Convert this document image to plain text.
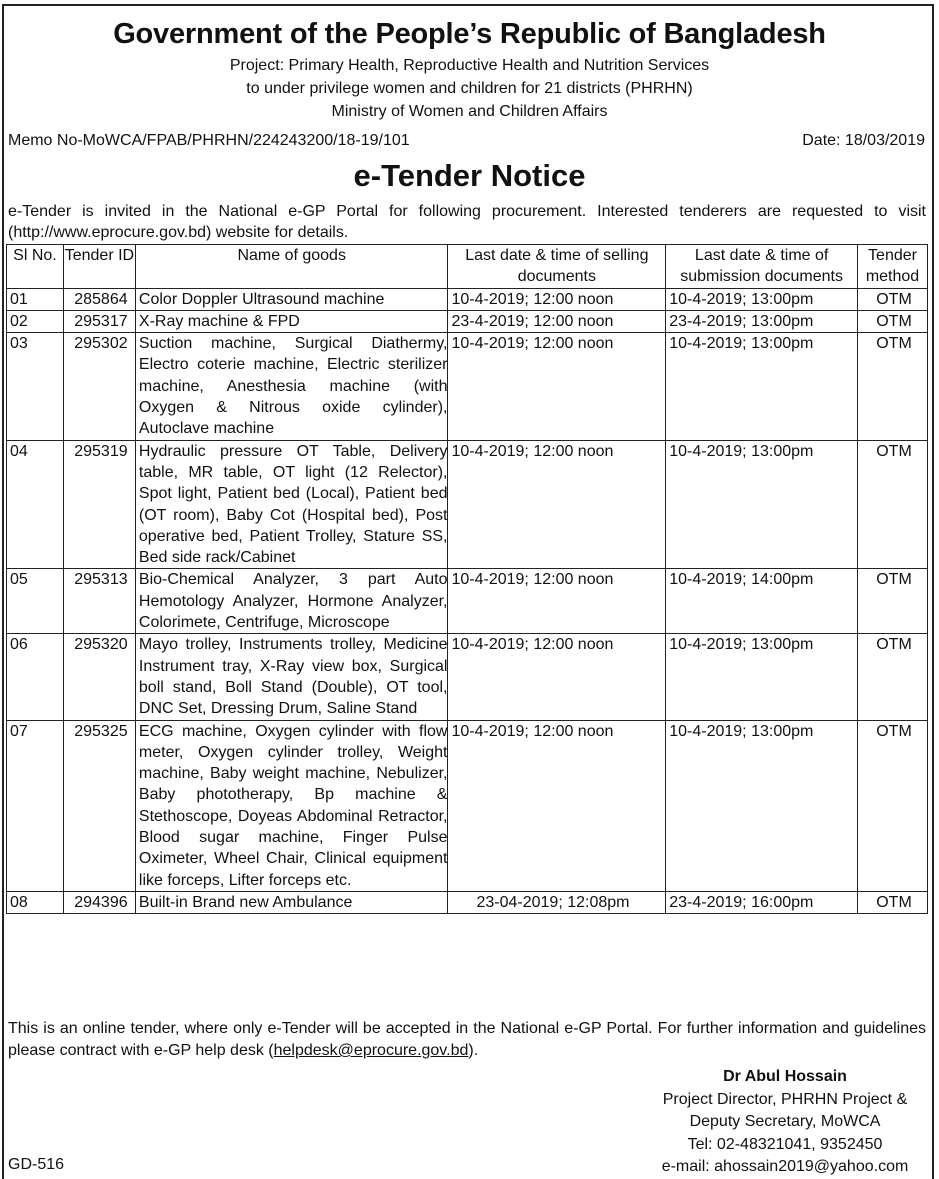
Government of the People’s Republic of Bangladesh
Project: Primary Health, Reproductive Health and Nutrition Services
to under privilege women and children for 21 districts (PHRHN)
Ministry of Women and Children Affairs
Memo No-MoWCA/FPAB/PHRHN/224243200/18-19/101	Date: 18/03/2019
e-Tender Notice
e-Tender is invited in the National e-GP Portal for following procurement. Interested tenderers are requested to visit (http://www.eprocure.gov.bd) website for details.
Sl No.	Tender ID	Name of goods	Last date & time of selling documents	Last date & time of submission documents	Tender method
01	285864	Color Doppler Ultrasound machine	10-4-2019; 12:00 noon	10-4-2019; 13:00pm	OTM
02	295317	X-Ray machine & FPD	23-4-2019; 12:00 noon	23-4-2019; 13:00pm	OTM
03	295302	Suction machine, Surgical Diathermy, Electro coterie machine, Electric sterilizer machine, Anesthesia machine (with Oxygen & Nitrous oxide cylinder), Autoclave machine	10-4-2019; 12:00 noon	10-4-2019; 13:00pm	OTM
04	295319	Hydraulic pressure OT Table, Delivery table, MR table, OT light (12 Relector), Spot light, Patient bed (Local), Patient bed (OT room), Baby Cot (Hospital bed), Post operative bed, Patient Trolley, Stature SS, Bed side rack/Cabinet	10-4-2019; 12:00 noon	10-4-2019; 13:00pm	OTM
05	295313	Bio-Chemical Analyzer, 3 part Auto Hemotology Analyzer, Hormone Analyzer, Colorimete, Centrifuge, Microscope	10-4-2019; 12:00 noon	10-4-2019; 14:00pm	OTM
06	295320	Mayo trolley, Instruments trolley, Medicine Instrument tray, X-Ray view box, Surgical boll stand, Boll Stand (Double), OT tool, DNC Set, Dressing Drum, Saline Stand	10-4-2019; 12:00 noon	10-4-2019; 13:00pm	OTM
07	295325	ECG machine, Oxygen cylinder with flow meter, Oxygen cylinder trolley, Weight machine, Baby weight machine, Nebulizer, Baby phototherapy, Bp machine & Stethoscope, Doyeas Abdominal Retractor, Blood sugar machine, Finger Pulse Oximeter, Wheel Chair, Clinical equipment like forceps, Lifter forceps etc.	10-4-2019; 12:00 noon	10-4-2019; 13:00pm	OTM
08	294396	Built-in Brand new Ambulance	23-04-2019; 12:08pm	23-4-2019; 16:00pm	OTM
This is an online tender, where only e-Tender will be accepted in the National e-GP Portal. For further information and guidelines please contract with e-GP help desk (helpdesk@eprocure.gov.bd).
Dr Abul Hossain
Project Director, PHRHN Project &
Deputy Secretary, MoWCA
Tel: 02-48321041, 9352450
e-mail: ahossain2019@yahoo.com
GD-516
